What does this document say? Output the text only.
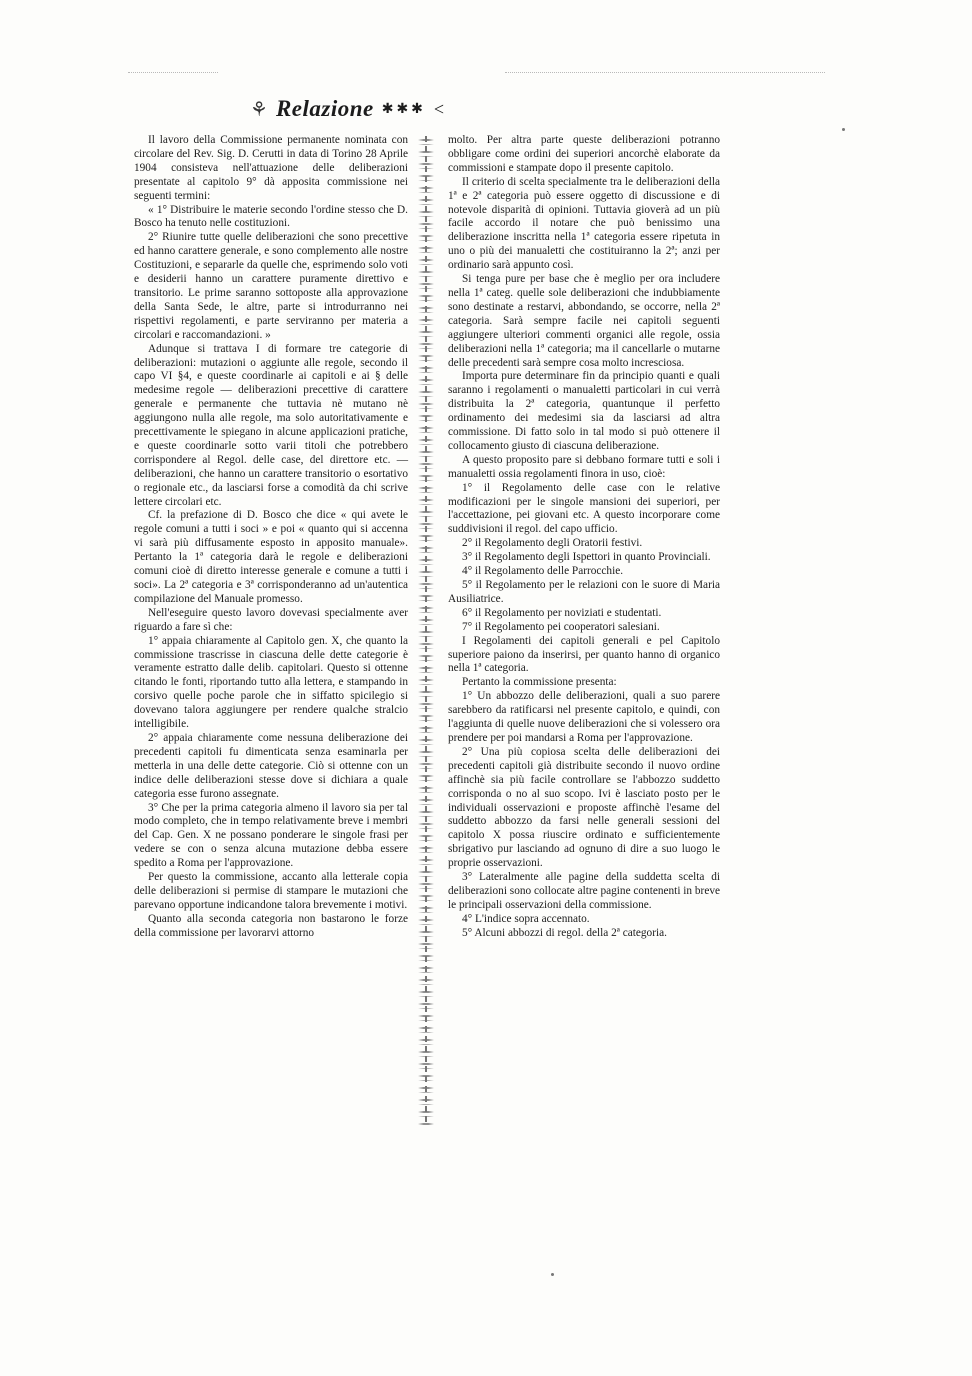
⚘ Relazione ✱✱✱ <

Il lavoro della Commissione permanente nominata con circolare del Rev. Sig. D. Cerutti in data di Torino 28 Aprile 1904 consisteva nell'attuazione delle deliberazioni presentate al capitolo 9° dà apposita commissione nei seguenti termini:

« 1° Distribuire le materie secondo l'ordine stesso che D. Bosco ha tenuto nelle costituzioni.

2° Riunire tutte quelle deliberazioni che sono precettive ed hanno carattere generale, e sono complemento alle nostre Costituzioni, e separarle da quelle che, esprimendo solo voti e desiderii hanno un carattere puramente direttivo e transitorio. Le prime saranno sottoposte alla approvazione della Santa Sede, le altre, parte si introdurranno nei rispettivi regolamenti, e parte serviranno per materia a circolari e raccomandazioni. »

Adunque si trattava I di formare tre categorie di deliberazioni: mutazioni o aggiunte alle regole, secondo il capo VI §4, e queste coordinarle ai capitoli e ai § delle medesime regole — deliberazioni precettive di carattere generale e permanente che tuttavia nè mutano nè aggiungono nulla alle regole, ma solo autoritativamente e precettivamente le spiegano in alcune applicazioni pratiche, e queste coordinarle sotto varii titoli che potrebbero corrispondere al Regol. delle case, del direttore etc. — deliberazioni, che hanno un carattere transitorio o esortativo o regionale etc., da lasciarsi forse a comodità da chi scrive lettere circolari etc.

Cf. la prefazione di D. Bosco che dice « qui avete le regole comuni a tutti i soci » e poi « quanto qui si accenna vi sarà più diffusamente esposto in apposito manuale». Pertanto la 1ª categoria darà le regole e deliberazioni comuni cioè di diretto interesse generale e comune a tutti i soci». La 2ª categoria e 3ª corrisponderanno ad un'autentica compilazione del Manuale promesso.

Nell'eseguire questo lavoro dovevasi specialmente aver riguardo a fare sì che:

1° appaia chiaramente al Capitolo gen. X, che quanto la commissione trascrisse in ciascuna delle dette categorie è veramente estratto dalle delib. capitolari. Questo si ottenne citando le fonti, riportando tutto alla lettera, e stampando in corsivo quelle poche parole che in siffatto spicilegio si dovevano talora aggiungere per rendere qualche stralcio intelligibile.

2° appaia chiaramente come nessuna deliberazione dei precedenti capitoli fu dimenticata senza esaminarla per metterla in una delle dette categorie. Ciò si ottenne con un indice delle deliberazioni stesse dove si dichiara a quale categoria esse furono assegnate.

3° Che per la prima categoria almeno il lavoro sia per tal modo completo, che in tempo relativamente breve i membri del Cap. Gen. X ne possano ponderare le singole frasi per vedere se con o senza alcuna mutazione debba essere spedito a Roma per l'approvazione.

Per questo la commissione, accanto alla letterale copia delle deliberazioni si permise di stampare le mutazioni che parevano opportune indicandone talora brevemente i motivi.

Quanto alla seconda categoria non bastarono le forze della commissione per lavorarvi attorno

molto. Per altra parte queste deliberazioni potranno obbligare come ordini dei superiori ancorchè elaborate da commissioni e stampate dopo il presente capitolo.

Il criterio di scelta specialmente tra le deliberazioni della 1ª e 2ª categoria può essere oggetto di discussione e di notevole disparità di opinioni. Tuttavia gioverà ad un più facile accordo il notare che può benissimo una deliberazione inscritta nella 1ª categoria essere ripetuta in uno o più dei manualetti che costituiranno la 2ª; anzi per ordinario sarà appunto così.

Si tenga pure per base che è meglio per ora includere nella 1ª categ. quelle sole deliberazioni che indubbiamente sono destinate a restarvi, abbondando, se occorre, nella 2ª categoria. Sarà sempre facile nei capitoli seguenti aggiungere ulteriori commenti organici alle regole, ossia deliberazioni nella 1ª categoria; ma il cancellarle o mutarne delle precedenti sarà sempre cosa molto incresciosa.

Importa pure determinare fin da principio quanti e quali saranno i regolamenti o manualetti particolari in cui verrà distribuita la 2ª categoria, quantunque il perfetto ordinamento dei medesimi sia da lasciarsi ad altra commissione. Di fatto solo in tal modo si può ottenere il collocamento giusto di ciascuna deliberazione.

A questo proposito pare si debbano formare tutti e soli i manualetti ossia regolamenti finora in uso, cioè:

1° il Regolamento delle case con le relative modificazioni per le singole mansioni dei superiori, per l'accettazione, pei giovani etc. A questo incorporare come suddivisioni il regol. del capo ufficio.

2° il Regolamento degli Oratorii festivi.

3° il Regolamento degli Ispettori in quanto Provinciali.

4° il Regolamento delle Parrocchie.

5° il Regolamento per le relazioni con le suore di Maria Ausiliatrice.

6° il Regolamento per noviziati e studentati.

7° il Regolamento pei cooperatori salesiani.

I Regolamenti dei capitoli generali e pel Capitolo superiore paiono da inserirsi, per quanto hanno di organico nella 1ª categoria.

Pertanto la commissione presenta:

1° Un abbozzo delle deliberazioni, quali a suo parere sarebbero da ratificarsi nel presente capitolo, e quindi, con l'aggiunta di quelle nuove deliberazioni che si volessero ora prendere per poi mandarsi a Roma per l'approvazione.

2° Una più copiosa scelta delle deliberazioni dei precedenti capitoli già distribuite secondo il nuovo ordine affinchè sia più facile controllare se l'abbozzo suddetto corrisponda o no al suo scopo. Ivi è lasciato posto per le individuali osservazioni e proposte affinchè l'esame del suddetto abbozzo da farsi nelle generali sessioni del capitolo X possa riuscire ordinato e sufficientemente sbrigativo pur lasciando ad ognuno di dire a suo luogo le proprie osservazioni.

3° Lateralmente alle pagine della suddetta scelta di deliberazioni sono collocate altre pagine contenenti in breve le principali osservazioni della commissione.

4° L'indice sopra accennato.

5° Alcuni abbozzi di regol. della 2ª categoria.
